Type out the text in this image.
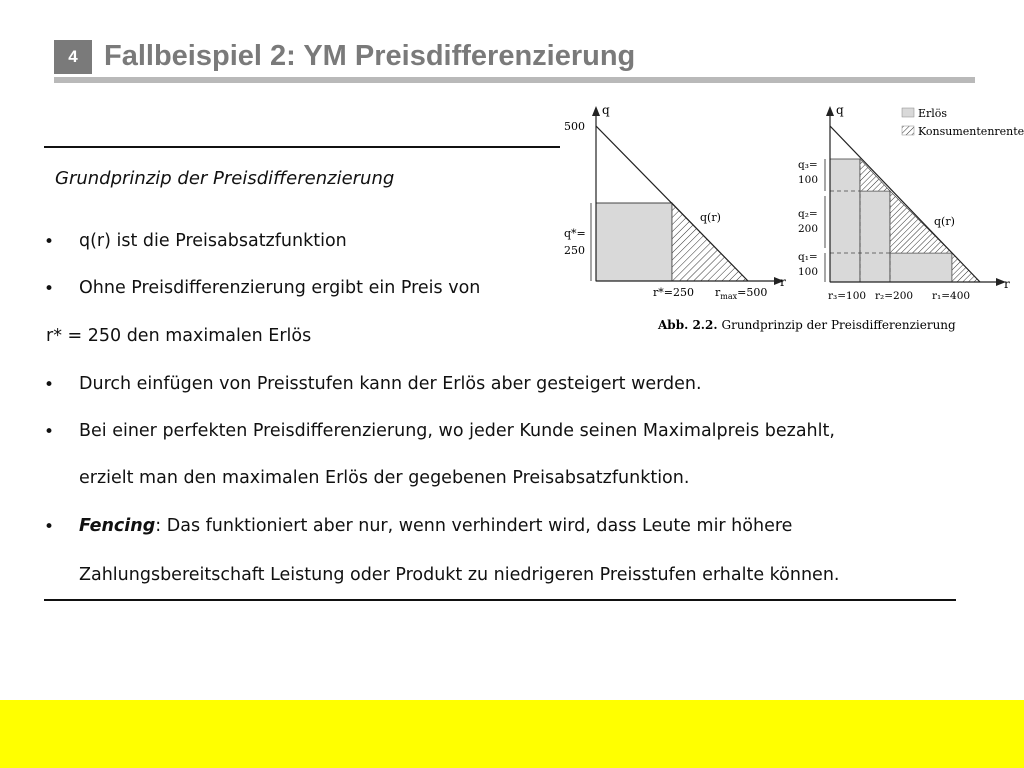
4 Fallbeispiel 2: YM Preisdifferenzierung
Grundprinzip der Preisdifferenzierung
• q(r) ist die Preisabsatzfunktion
• Ohne Preisdifferenzierung ergibt ein Preis von
r* = 250 den maximalen Erlös
• Durch einfügen von Preisstufen kann der Erlös aber gesteigert werden.
• Bei einer perfekten Preisdifferenzierung, wo jeder Kunde seinen Maximalpreis bezahlt,
erzielt man den maximalen Erlös der gegebenen Preisabsatzfunktion.
• Fencing: Das funktioniert aber nur, wenn verhindert wird, dass Leute mir höhere
Zahlungsbereitschaft Leistung oder Produkt zu niedrigeren Preisstufen erhalte können.
q
500
q*=
250
q(r)
r*=250 $r_{max}=500$
r
q	Erlös
Konsumentenrente
q₃=
100
q₂=
200
q₁=
100
q(r)
r₃=100 r₂=200 r₁=400
r
Abb. 2.2. Grundprinzip der Preisdifferenzierung
